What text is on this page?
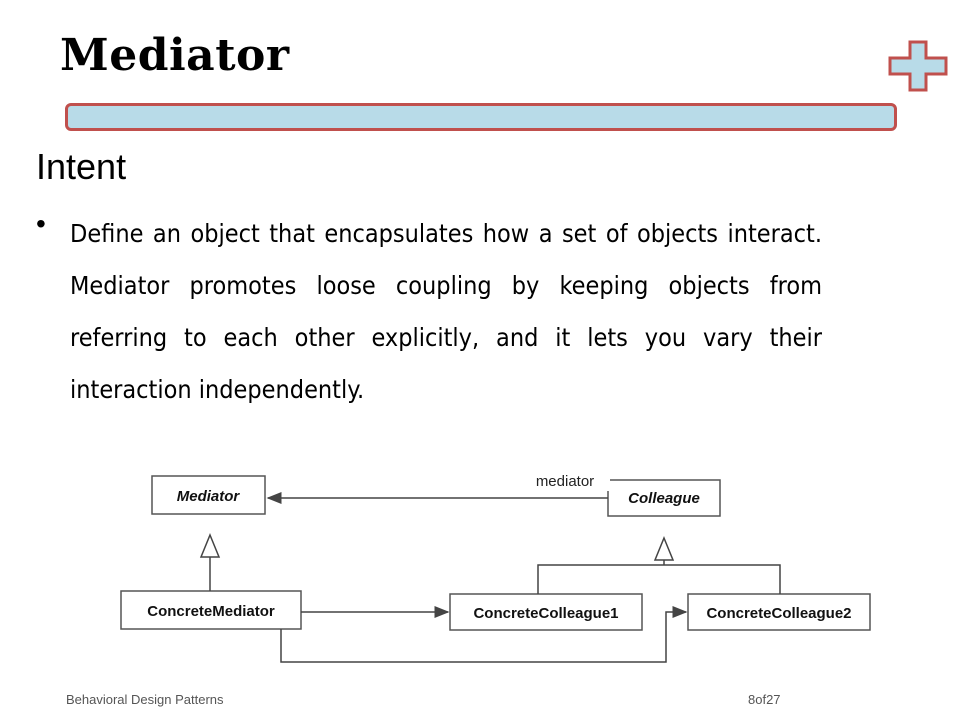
Mediator
Intent
• Define an object that encapsulates how a set of objects interact. Mediator promotes loose coupling by keeping objects from referring to each other explicitly, and it lets you vary their interaction independently.
Mediator	Colleague
mediator
ConcreteMediator	ConcreteColleague1	ConcreteColleague2
Behavioral Design Patterns	8of27
